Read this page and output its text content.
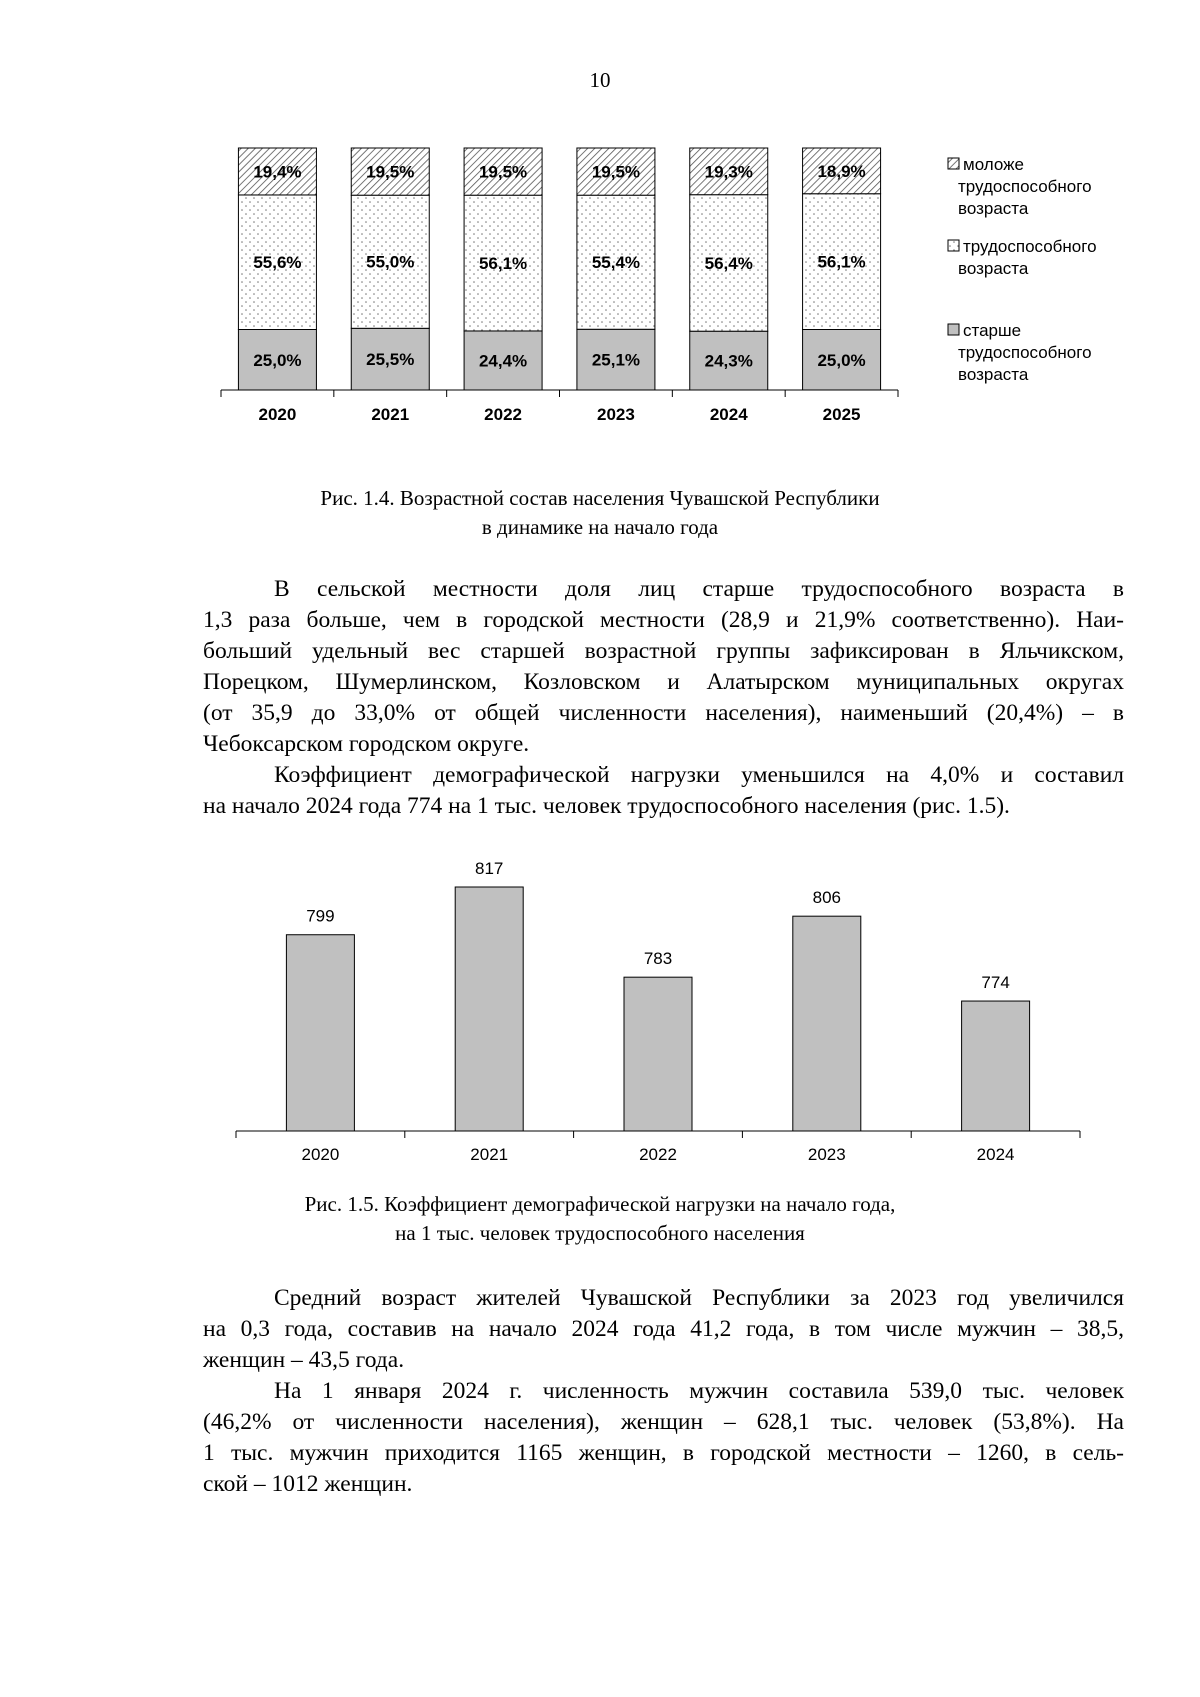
10
25,0%
55,6%
19,4%
25,5%
55,0%
19,5%
24,4%
56,1%
19,5%
25,1%
55,4%
19,5%
24,3%
56,4%
19,3%
25,0%
56,1%
18,9%
2020	2021	2022	2023	2024	2025
моложе
трудоспособного
возраста
трудоспособного
возраста
старше
трудоспособного
возраста
Рис. 1.4. Возрастной состав населения Чувашской Республики
в динамике на начало года
В сельской местности доля лиц старше трудоспособного возраста в
1,3 раза больше, чем в городской местности (28,9 и 21,9% соответственно). Наи-
больший удельный вес старшей возрастной группы зафиксирован в Яльчикском,
Порецком, Шумерлинском, Козловском и Алатырском муниципальных округах
(от 35,9 до 33,0% от общей численности населения), наименьший (20,4%) – в
Чебоксарском городском округе.
Коэффициент демографической нагрузки уменьшился на 4,0% и составил
на начало 2024 года 774 на 1 тыс. человек трудоспособного населения (рис. 1.5).
799
817
783
806
774
2020	2021	2022	2023	2024
Рис. 1.5. Коэффициент демографической нагрузки на начало года,
на 1 тыс. человек трудоспособного населения
Средний возраст жителей Чувашской Республики за 2023 год увеличился
на 0,3 года, составив на начало 2024 года 41,2 года, в том числе мужчин – 38,5,
женщин – 43,5 года.
На 1 января 2024 г. численность мужчин составила 539,0 тыс. человек
(46,2% от численности населения), женщин – 628,1 тыс. человек (53,8%). На
1 тыс. мужчин приходится 1165 женщин, в городской местности – 1260, в сель-
ской – 1012 женщин.
